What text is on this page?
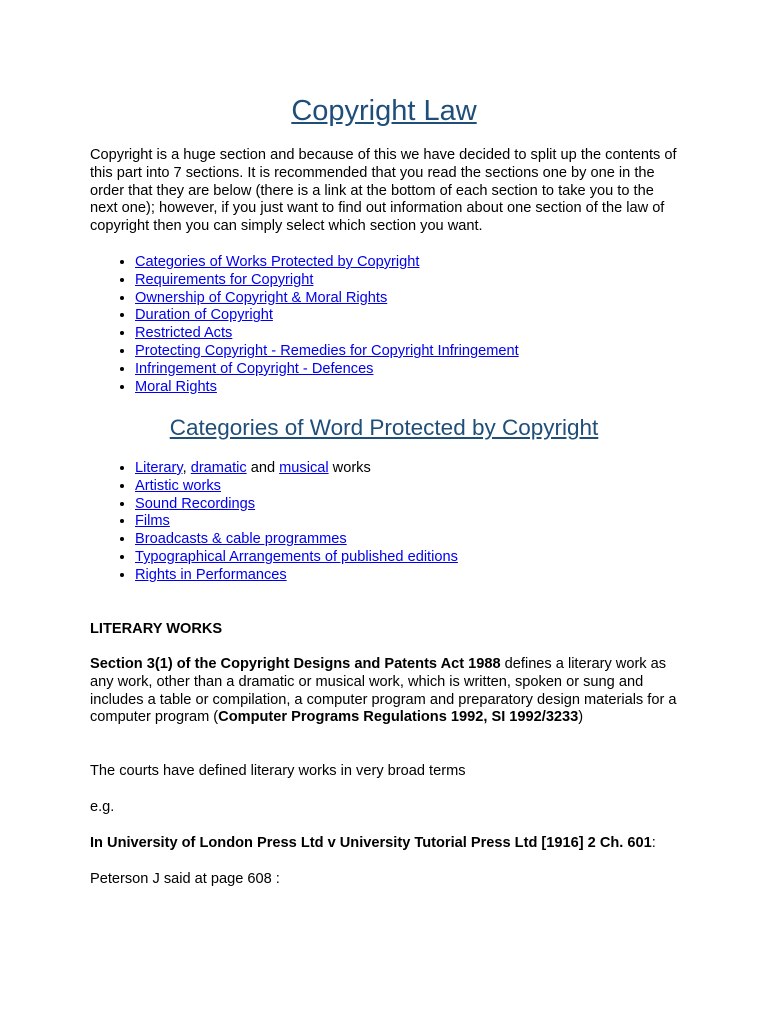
Copyright Law

Copyright is a huge section and because of this we have decided to split up the contents of this part into 7 sections. It is recommended that you read the sections one by one in the order that they are below (there is a link at the bottom of each section to take you to the next one); however, if you just want to find out information about one section of the law of copyright then you can simply select which section you want.

• Categories of Works Protected by Copyright
• Requirements for Copyright
• Ownership of Copyright & Moral Rights
• Duration of Copyright
• Restricted Acts
• Protecting Copyright - Remedies for Copyright Infringement
• Infringement of Copyright - Defences
• Moral Rights
Categories of Word Protected by Copyright
• Literary, dramatic and musical works
• Artistic works
• Sound Recordings
• Films
• Broadcasts & cable programmes
• Typographical Arrangements of published editions
• Rights in Performances

LITERARY WORKS

Section 3(1) of the Copyright Designs and Patents Act 1988 defines a literary work as any work, other than a dramatic or musical work, which is written, spoken or sung and includes a table or compilation, a computer program and preparatory design materials for a computer program (Computer Programs Regulations 1992, SI 1992/3233)

The courts have defined literary works in very broad terms

e.g.

In University of London Press Ltd v University Tutorial Press Ltd [1916] 2 Ch. 601:

Peterson J said at page 608 :
